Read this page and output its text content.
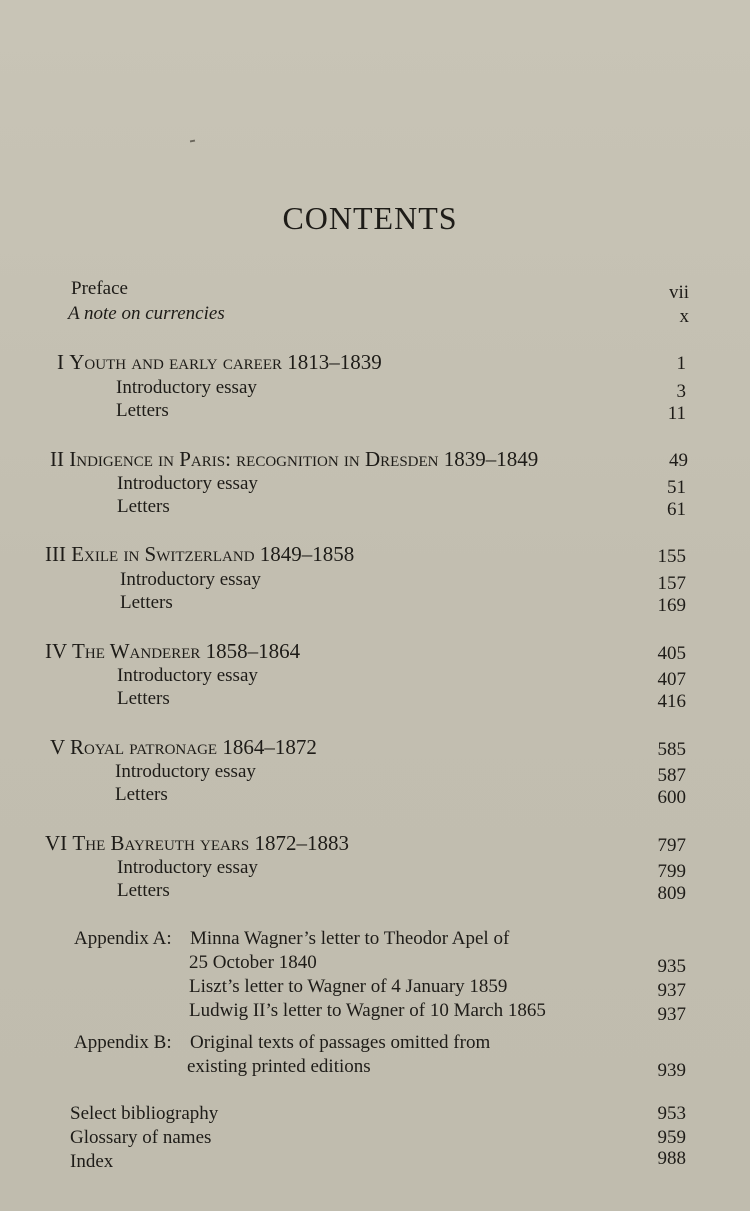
CONTENTS
Preface	vii
A note on currencies	x
I Youth and early career 1813–1839	1
Introductory essay	3
Letters	11
II Indigence in Paris: recognition in Dresden 1839–1849	49
Introductory essay	51
Letters	61
III Exile in Switzerland 1849–1858	155
Introductory essay	157
Letters	169
IV The Wanderer 1858–1864	405
Introductory essay	407
Letters	416
V Royal patronage 1864–1872	585
Introductory essay	587
Letters	600
VI The Bayreuth years 1872–1883	797
Introductory essay	799
Letters	809
Appendix A: Minna Wagner’s letter to Theodor Apel of
25 October 1840	935
Liszt’s letter to Wagner of 4 January 1859	937
Ludwig II’s letter to Wagner of 10 March 1865	937
Appendix B: Original texts of passages omitted from
existing printed editions	939
Select bibliography	953
Glossary of names	959
Index	988
